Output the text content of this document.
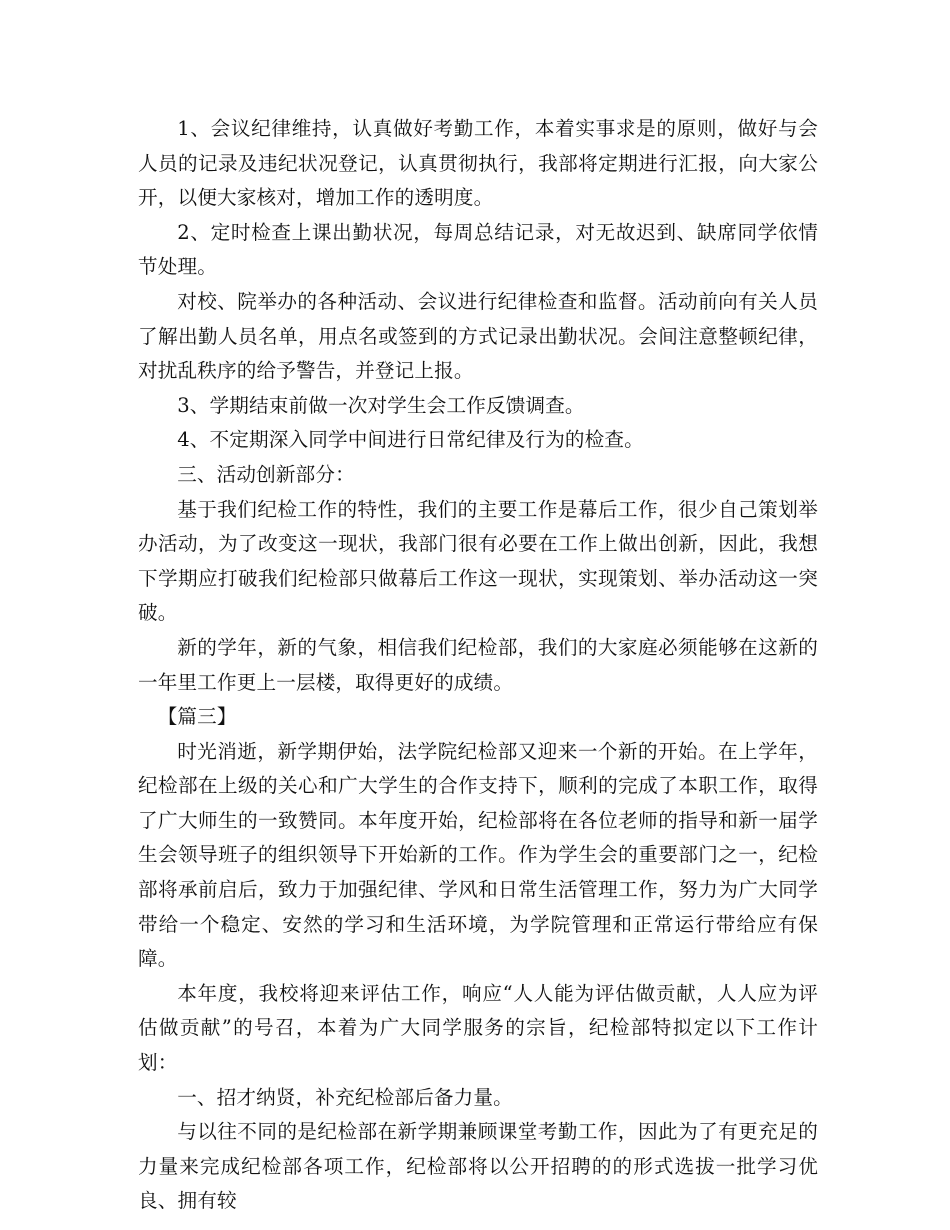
1、会议纪律维持，认真做好考勤工作，本着实事求是的原则，做好与会人员的记录及违纪状况登记，认真贯彻执行，我部将定期进行汇报，向大家公开，以便大家核对，增加工作的透明度。

2、定时检查上课出勤状况，每周总结记录，对无故迟到、缺席同学依情节处理。

对校、院举办的各种活动、会议进行纪律检查和监督。活动前向有关人员了解出勤人员名单，用点名或签到的方式记录出勤状况。会间注意整顿纪律，对扰乱秩序的给予警告，并登记上报。

3、学期结束前做一次对学生会工作反馈调查。

4、不定期深入同学中间进行日常纪律及行为的检查。

三、活动创新部分：

基于我们纪检工作的特性，我们的主要工作是幕后工作，很少自己策划举办活动，为了改变这一现状，我部门很有必要在工作上做出创新，因此，我想下学期应打破我们纪检部只做幕后工作这一现状，实现策划、举办活动这一突破。

新的学年，新的气象，相信我们纪检部，我们的大家庭必须能够在这新的一年里工作更上一层楼，取得更好的成绩。

【篇三】

时光消逝，新学期伊始，法学院纪检部又迎来一个新的开始。在上学年，纪检部在上级的关心和广大学生的合作支持下，顺利的完成了本职工作，取得了广大师生的一致赞同。本年度开始，纪检部将在各位老师的指导和新一届学生会领导班子的组织领导下开始新的工作。作为学生会的重要部门之一，纪检部将承前启后，致力于加强纪律、学风和日常生活管理工作，努力为广大同学带给一个稳定、安然的学习和生活环境，为学院管理和正常运行带给应有保障。

本年度，我校将迎来评估工作，响应“人人能为评估做贡献，人人应为评估做贡献”的号召，本着为广大同学服务的宗旨，纪检部特拟定以下工作计划：

一、招才纳贤，补充纪检部后备力量。

与以往不同的是纪检部在新学期兼顾课堂考勤工作，因此为了有更充足的力量来完成纪检部各项工作，纪检部将以公开招聘的的形式选拔一批学习优良、拥有较
